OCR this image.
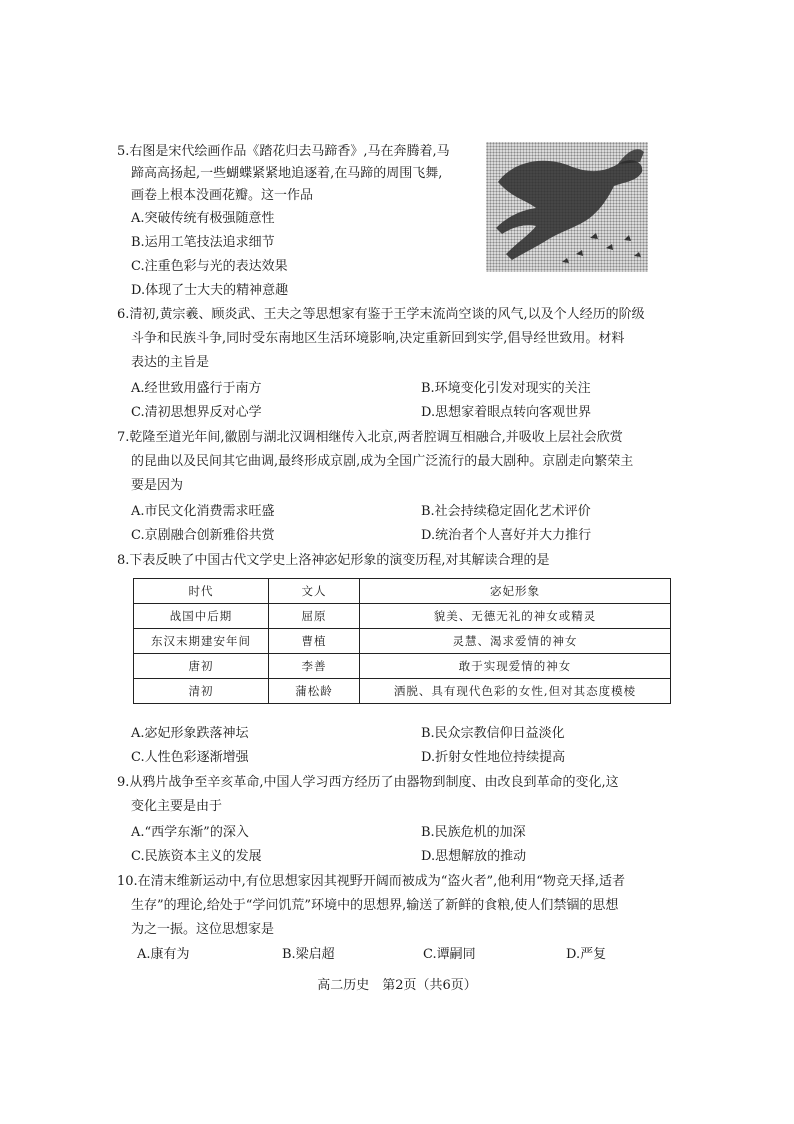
5.右图是宋代绘画作品《踏花归去马蹄香》,马在奔腾着,马
蹄高高扬起,一些蝴蝶紧紧地追逐着,在马蹄的周围飞舞,
画卷上根本没画花瓣。这一作品
A.突破传统有极强随意性
B.运用工笔技法追求细节
C.注重色彩与光的表达效果
D.体现了士大夫的精神意趣
6.清初,黄宗羲、顾炎武、王夫之等思想家有鉴于王学末流尚空谈的风气,以及个人经历的阶级
斗争和民族斗争,同时受东南地区生活环境影响,决定重新回到实学,倡导经世致用。材料
表达的主旨是
A.经世致用盛行于南方	B.环境变化引发对现实的关注
C.清初思想界反对心学	D.思想家着眼点转向客观世界
7.乾隆至道光年间,徽剧与湖北汉调相继传入北京,两者腔调互相融合,并吸收上层社会欣赏
的昆曲以及民间其它曲调,最终形成京剧,成为全国广泛流行的最大剧种。京剧走向繁荣主
要是因为
A.市民文化消费需求旺盛	B.社会持续稳定固化艺术评价
C.京剧融合创新雅俗共赏	D.统治者个人喜好并大力推行
8.下表反映了中国古代文学史上洛神宓妃形象的演变历程,对其解读合理的是
时代	文人	宓妃形象
战国中后期	屈原	貌美、无德无礼的神女或精灵
东汉末期建安年间	曹植	灵慧、渴求爱情的神女
唐初	李善	敢于实现爱情的神女
清初	蒲松龄	洒脱、具有现代色彩的女性,但对其态度模棱
A.宓妃形象跌落神坛	B.民众宗教信仰日益淡化
C.人性色彩逐渐增强	D.折射女性地位持续提高
9.从鸦片战争至辛亥革命,中国人学习西方经历了由器物到制度、由改良到革命的变化,这
变化主要是由于
A.“西学东渐”的深入	B.民族危机的加深
C.民族资本主义的发展	D.思想解放的推动
10.在清末维新运动中,有位思想家因其视野开阔而被成为“盗火者”,他利用“物竞天择,适者
生存”的理论,给处于“学问饥荒”环境中的思想界,输送了新鲜的食粮,使人们禁锢的思想
为之一振。这位思想家是
A.康有为	B.梁启超	C.谭嗣同	D.严复
高二历史　第2页（共6页）
